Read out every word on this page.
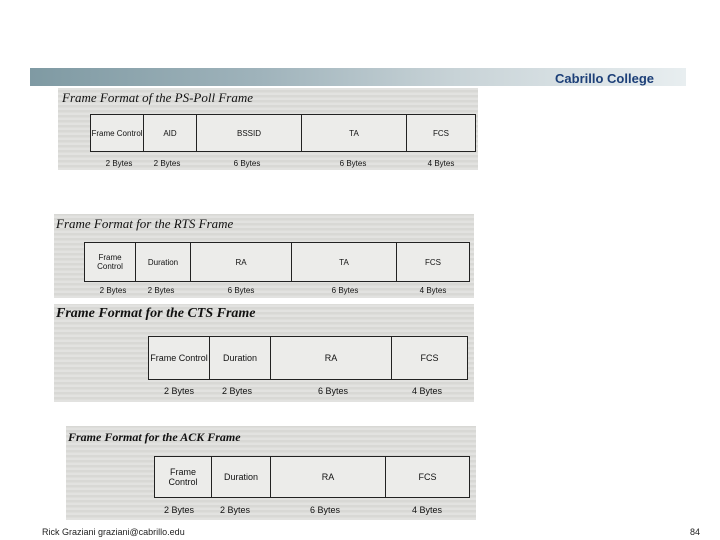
Cabrillo College
Frame Format of the PS-Poll Frame
Frame Control	AID	BSSID	TA	FCS
2 Bytes	2 Bytes	6 Bytes	6 Bytes	4 Bytes
Frame Format for the RTS Frame
Frame Control	Duration	RA	TA	FCS
2 Bytes	2 Bytes	6 Bytes	6 Bytes	4 Bytes
Frame Format for the CTS Frame
Frame Control	Duration	RA	FCS
2 Bytes	2 Bytes	6 Bytes	4 Bytes
Frame Format for the ACK Frame
Frame Control	Duration	RA	FCS
2 Bytes	2 Bytes	6 Bytes	4 Bytes
Rick Graziani graziani@cabrillo.edu	84
